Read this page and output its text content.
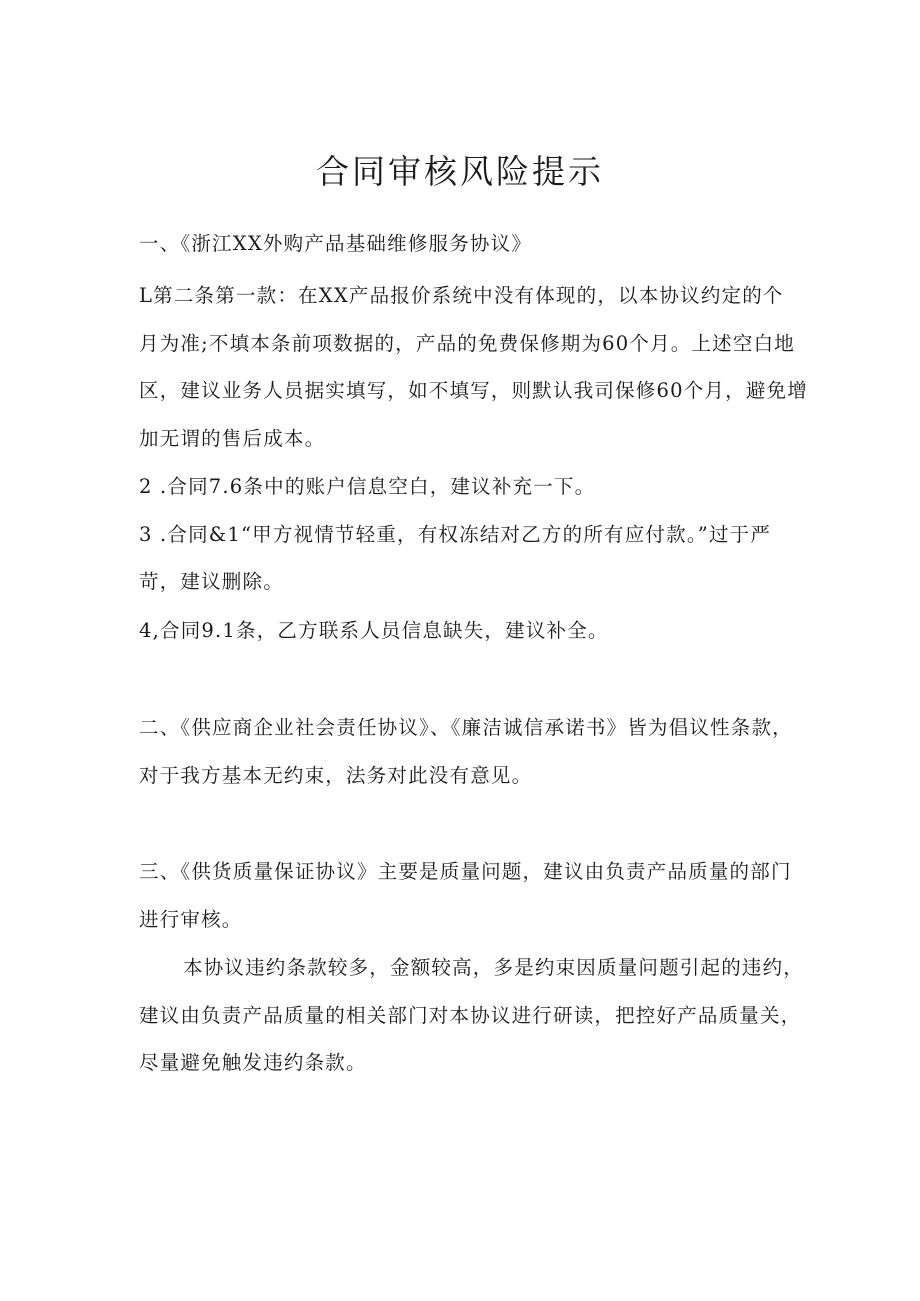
合同审核风险提示

一、《浙江XX外购产品基础维修服务协议》

L第二条第一款：在XX产品报价系统中没有体现的，以本协议约定的个

月为准;不填本条前项数据的，产品的免费保修期为60个月。上述空白地

区，建议业务人员据实填写，如不填写，则默认我司保修60个月，避免增

加无谓的售后成本。

2 .合同7.6条中的账户信息空白，建议补充一下。

3 .合同&1“甲方视情节轻重，有权冻结对乙方的所有应付款。”过于严

苛，建议删除。

4,合同9.1条，乙方联系人员信息缺失，建议补全。

二、《供应商企业社会责任协议》、《廉洁诚信承诺书》皆为倡议性条款，

对于我方基本无约束，法务对此没有意见。

三、《供货质量保证协议》主要是质量问题，建议由负责产品质量的部门

进行审核。

本协议违约条款较多，金额较高，多是约束因质量问题引起的违约，

建议由负责产品质量的相关部门对本协议进行研读，把控好产品质量关，

尽量避免触发违约条款。
